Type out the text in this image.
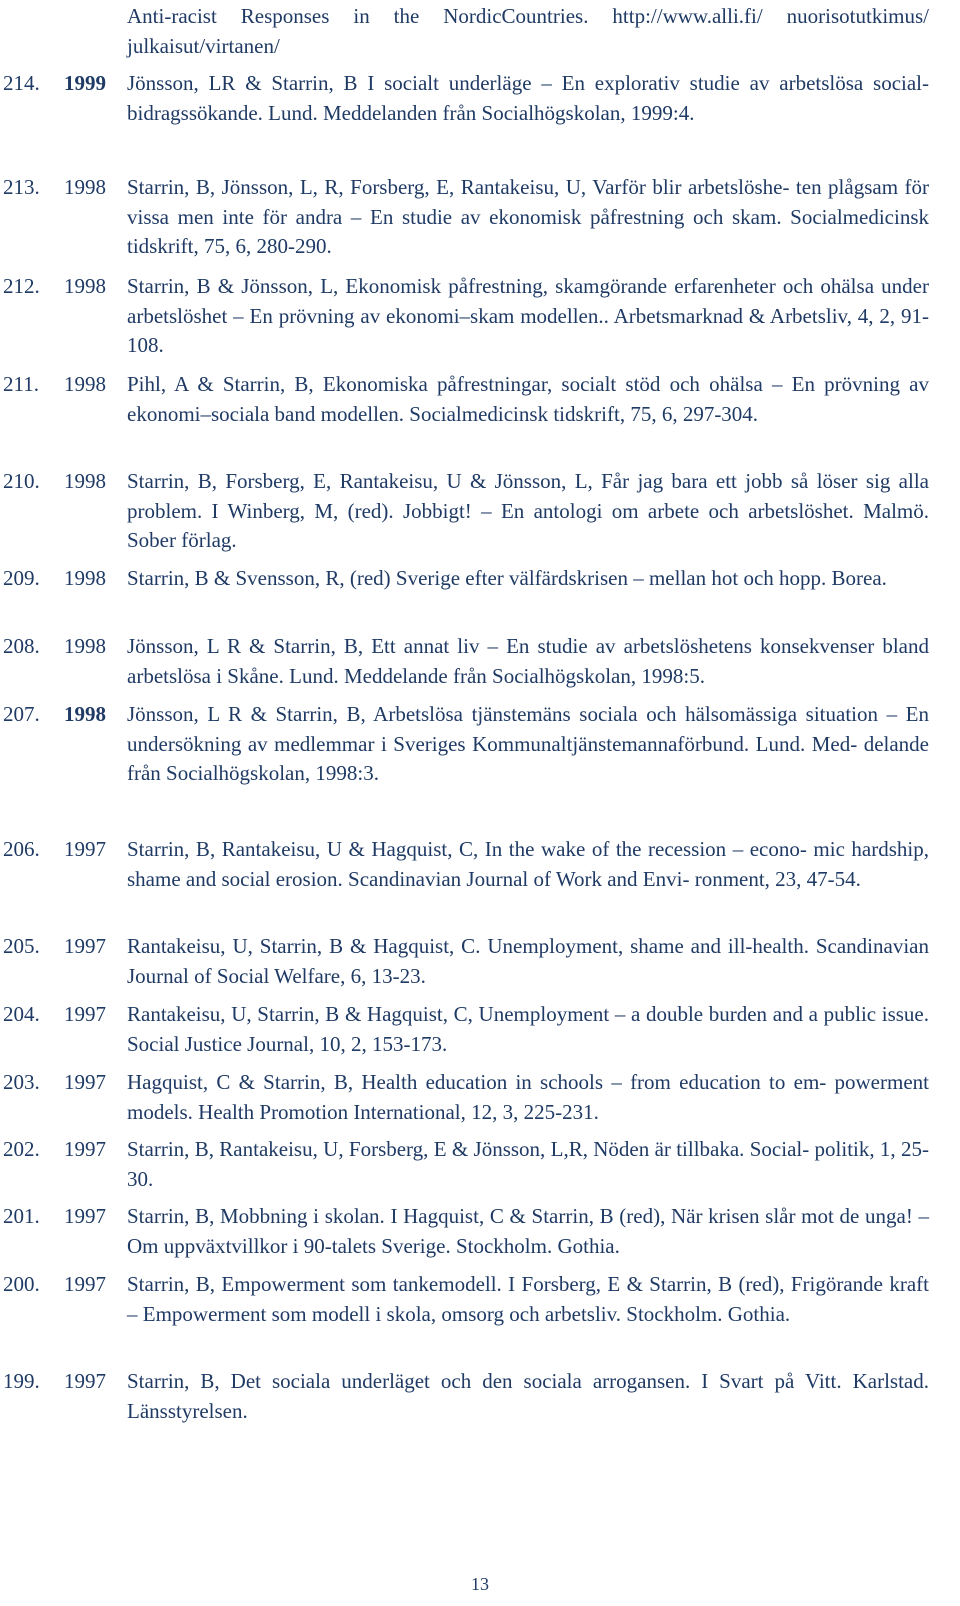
Anti-racist Responses in the NordicCountries. http://www.alli.fi/ nuorisotutkimus/ julkaisut/virtanen/
214.	1999	Jönsson, LR & Starrin, B I socialt underläge – En explorativ studie av arbetslösa social- bidragssökande. Lund. Meddelanden från Socialhögskolan, 1999:4.
213.	1998	Starrin, B, Jönsson, L, R, Forsberg, E, Rantakeisu, U, Varför blir arbetslöshe- ten plågsam för vissa men inte för andra – En studie av ekonomisk påfrestning och skam. Socialmedicinsk tidskrift, 75, 6, 280-290.
212.	1998	Starrin, B & Jönsson, L, Ekonomisk påfrestning, skamgörande erfarenheter och ohälsa under arbetslöshet – En prövning av ekonomi–skam modellen.. Arbetsmarknad & Arbetsliv, 4, 2, 91-108.
211.	1998	Pihl, A & Starrin, B, Ekonomiska påfrestningar, socialt stöd och ohälsa – En prövning av ekonomi–sociala band modellen. Socialmedicinsk tidskrift, 75, 6, 297-304.
210.	1998	Starrin, B, Forsberg, E, Rantakeisu, U & Jönsson, L, Får jag bara ett jobb så löser sig alla problem. I Winberg, M, (red). Jobbigt! – En antologi om arbete och arbetslöshet. Malmö. Sober förlag.
209.	1998	Starrin, B & Svensson, R, (red) Sverige efter välfärdskrisen – mellan hot och hopp. Borea.
208.	1998	Jönsson, L R & Starrin, B, Ett annat liv – En studie av arbetslöshetens konsekvenser bland arbetslösa i Skåne. Lund. Meddelande från Socialhögskolan, 1998:5.
207.	1998	Jönsson, L R & Starrin, B, Arbetslösa tjänstemäns sociala och hälsomässiga situation – En undersökning av medlemmar i Sveriges Kommunaltjänstemannaförbund. Lund. Med- delande från Socialhögskolan, 1998:3.
206.	1997	Starrin, B, Rantakeisu, U & Hagquist, C, In the wake of the recession – econo- mic hardship, shame and social erosion. Scandinavian Journal of Work and Envi- ronment, 23, 47-54.
205.	1997	Rantakeisu, U, Starrin, B & Hagquist, C. Unemployment, shame and ill-health. Scandinavian Journal of Social Welfare, 6, 13-23.
204.	1997	Rantakeisu, U, Starrin, B & Hagquist, C, Unemployment – a double burden and a public issue. Social Justice Journal, 10, 2, 153-173.
203.	1997	Hagquist, C & Starrin, B, Health education in schools – from education to em- powerment models. Health Promotion International, 12, 3, 225-231.
202.	1997	Starrin, B, Rantakeisu, U, Forsberg, E & Jönsson, L,R, Nöden är tillbaka. Social- politik, 1, 25-30.
201.	1997	Starrin, B, Mobbning i skolan. I Hagquist, C & Starrin, B (red), När krisen slår mot de unga! – Om uppväxtvillkor i 90-talets Sverige. Stockholm. Gothia.
200.	1997	Starrin, B, Empowerment som tankemodell. I Forsberg, E & Starrin, B (red), Frigörande kraft – Empowerment som modell i skola, omsorg och arbetsliv. Stockholm. Gothia.
199.	1997	Starrin, B, Det sociala underläget och den sociala arrogansen. I Svart på Vitt. Karlstad. Länsstyrelsen.
13
